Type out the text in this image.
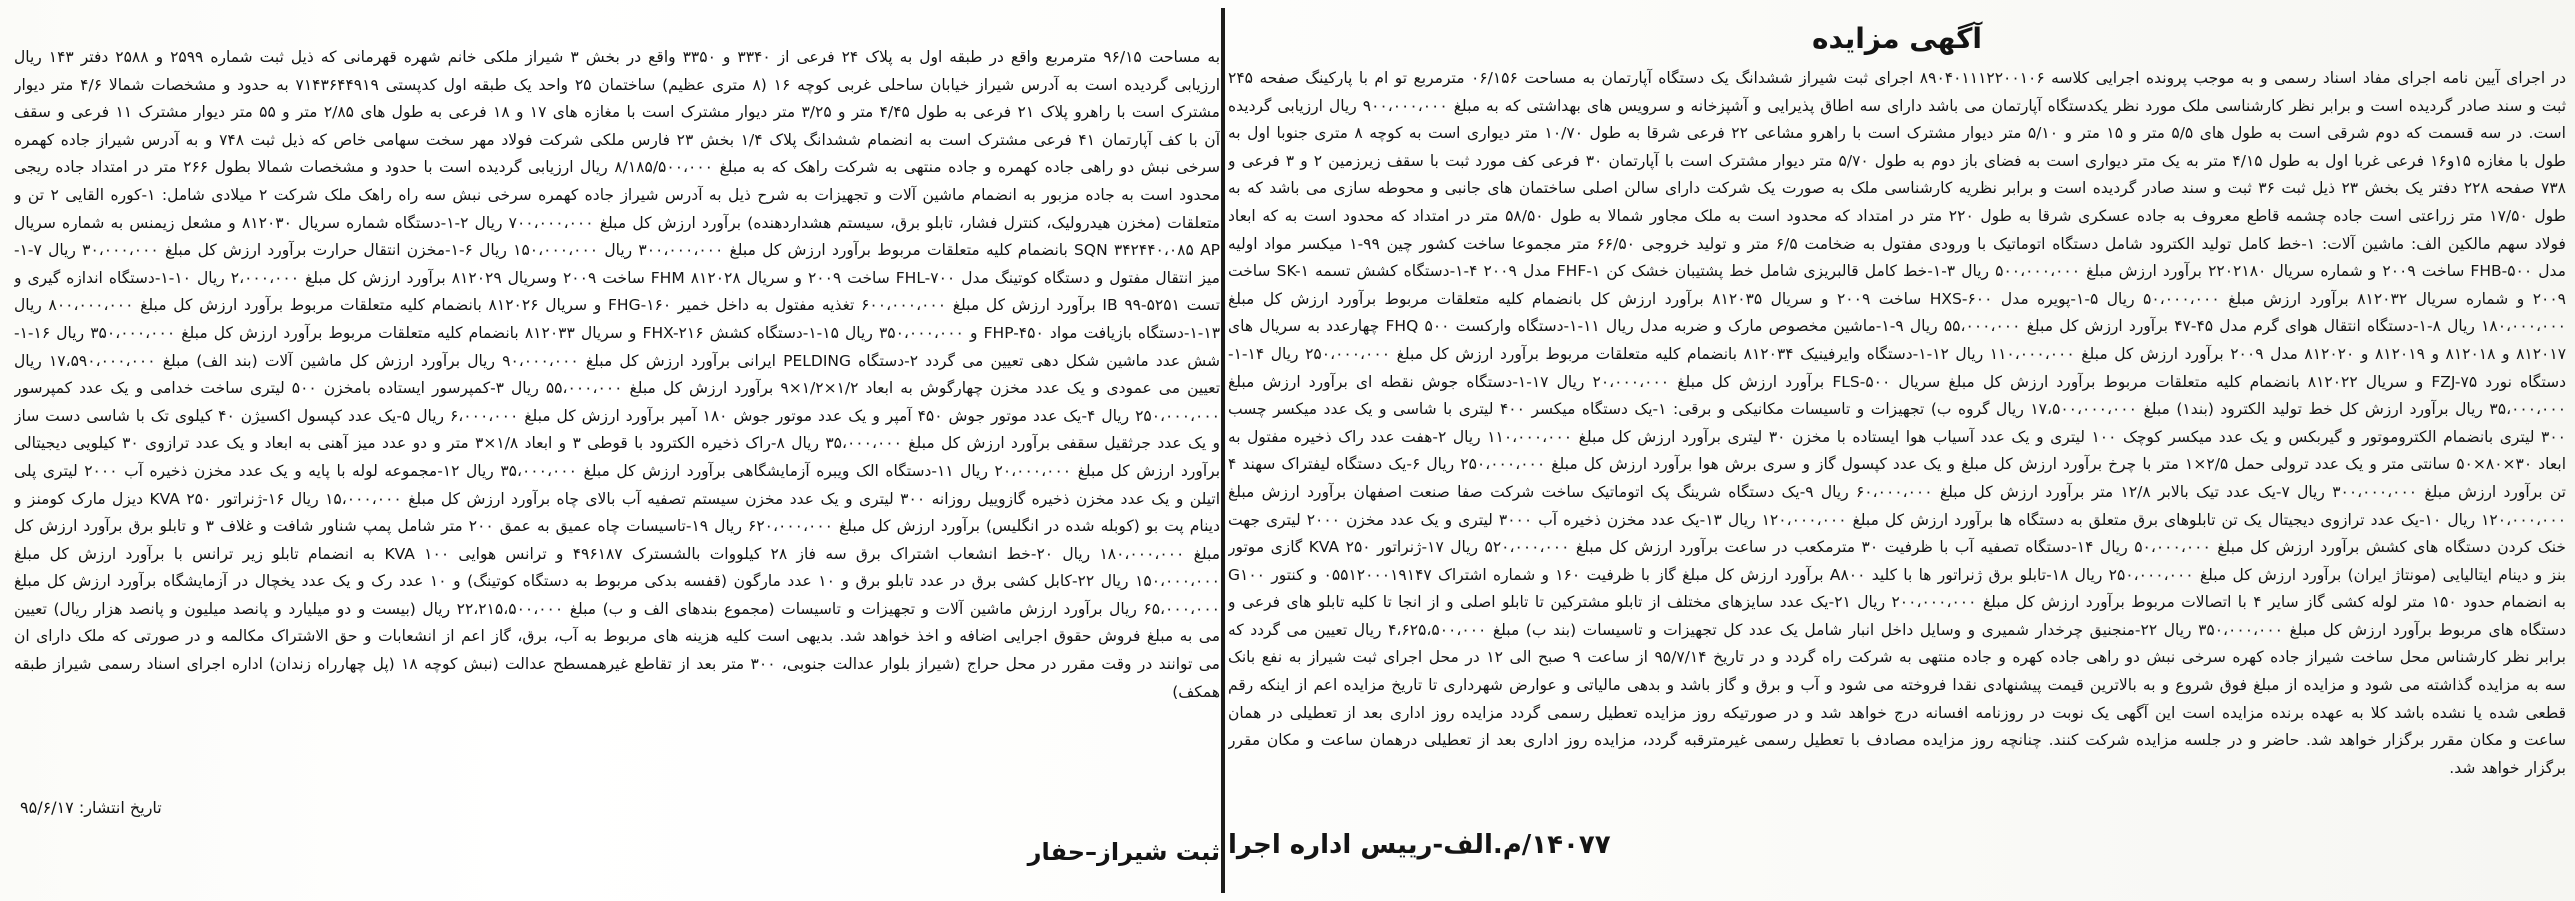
آگهی مزایده

در اجرای آیین نامه اجرای مفاد اسناد رسمی و به موجب پرونده اجرایی کلاسه ۸۹۰۴۰۱۱۱۲۲۰۰۱۰۶ اجرای ثبت شیراز ششدانگ یک دستگاه آپارتمان به مساحت ۰۶/۱۵۶ مترمربع تو ام با پارکینگ صفحه ۲۴۵ ثبت و سند صادر گردیده است و برابر نظر کارشناسی ملک مورد نظر یکدستگاه آپارتمان می باشد دارای سه اطاق پذیرایی و آشپزخانه و سرویس های بهداشتی که به مبلغ ۹۰۰،۰۰۰،۰۰۰ ریال ارزیابی گردیده است. در سه قسمت که دوم شرقی است به طول های ۵/۵ متر و ۱۵ متر و ۵/۱۰ متر دیوار مشترک است با راهرو مشاعی ۲۲ فرعی شرقا به طول ۱۰/۷۰ متر دیواری است به کوچه ۸ متری جنوبا اول به طول با مغازه ۱۵و۱۶ فرعی غربا اول به طول ۴/۱۵ متر به یک متر دیواری است به فضای باز دوم به طول ۵/۷۰ متر دیوار مشترک است با آپارتمان ۳۰ فرعی کف مورد ثبت با سقف زیرزمین ۲ و ۳ فرعی و ۷۳۸ صفحه ۲۲۸ دفتر یک بخش ۲۳ ذیل ثبت ۳۶ ثبت و سند صادر گردیده است و برابر نظریه کارشناسی ملک به صورت یک شرکت دارای سالن اصلی ساختمان های جانبی و محوطه سازی می باشد که به طول ۱۷/۵۰ متر زراعتی است جاده چشمه قاطع معروف به جاده عسکری شرقا به طول ۲۲۰ متر در امتداد که محدود است به ملک مجاور شمالا به طول ۵۸/۵۰ متر در امتداد که محدود است به که ابعاد فولاد سهم مالکین الف: ماشین آلات: ۱-خط کامل تولید الکترود شامل دستگاه اتوماتیک با ورودی مفتول به ضخامت ۶/۵ متر و تولید خروجی ۶۶/۵۰ متر مجموعا ساخت کشور چین ۹۹-۱ میکسر مواد اولیه مدل FHB-۵۰۰ ساخت ۲۰۰۹ و شماره سریال ۲۲۰۲۱۸۰ برآورد ارزش مبلغ ۵۰۰،۰۰۰،۰۰۰ ریال ۳-۱-خط کامل قالبریزی شامل خط پشتیبان خشک کن FHF-۱ مدل ۲۰۰۹ ۴-۱-دستگاه کشش تسمه SK-۱ ساخت ۲۰۰۹ و شماره سریال ۸۱۲۰۳۲ برآورد ارزش مبلغ ۵۰،۰۰۰،۰۰۰ ریال ۵-۱-پویره مدل HXS-۶۰۰ ساخت ۲۰۰۹ و سریال ۸۱۲۰۳۵ برآورد ارزش کل بانضمام کلیه متعلقات مربوط برآورد ارزش کل مبلغ ۱۸۰،۰۰۰،۰۰۰ ریال ۸-۱-دستگاه انتقال هوای گرم مدل ۴۵-۴۷ برآورد ارزش کل مبلغ ۵۵،۰۰۰،۰۰۰ ریال ۹-۱-ماشین مخصوص مارک و ضربه مدل ریال ۱۱-۱-دستگاه وارکست ۵۰۰ FHQ چهارعدد به سریال های ۸۱۲۰۱۷ و ۸۱۲۰۱۸ و ۸۱۲۰۱۹ و ۸۱۲۰۲۰ مدل ۲۰۰۹ برآورد ارزش کل مبلغ ۱۱۰،۰۰۰،۰۰۰ ریال ۱۲-۱-دستگاه وایرفینیک ۸۱۲۰۳۴ بانضمام کلیه متعلقات مربوط برآورد ارزش کل مبلغ ۲۵۰،۰۰۰،۰۰۰ ریال ۱۴-۱-دستگاه نورد FZJ-۷۵ و سریال ۸۱۲۰۲۲ بانضمام کلیه متعلقات مربوط برآورد ارزش کل مبلغ سریال FLS-۵۰۰ برآورد ارزش کل مبلغ ۲۰،۰۰۰،۰۰۰ ریال ۱۷-۱-دستگاه جوش نقطه ای برآورد ارزش مبلغ ۳۵،۰۰۰،۰۰۰ ریال برآورد ارزش کل خط تولید الکترود (بند۱) مبلغ ۱۷،۵۰۰،۰۰۰،۰۰۰ ریال گروه ب) تجهیزات و تاسیسات مکانیکی و برقی: ۱-یک دستگاه میکسر ۴۰۰ لیتری با شاسی و یک عدد میکسر چسب ۳۰۰ لیتری بانضمام الکتروموتور و گیربکس و یک عدد میکسر کوچک ۱۰۰ لیتری و یک عدد آسیاب هوا ایستاده با مخزن ۳۰ لیتری برآورد ارزش کل مبلغ ۱۱۰،۰۰۰،۰۰۰ ریال ۲-هفت عدد راک ذخیره مفتول به ابعاد ۳۰×۸۰×۵۰ سانتی متر و یک عدد ترولی حمل ۲/۵×۱ متر با چرخ برآورد ارزش کل مبلغ و یک عدد کپسول گاز و سری برش هوا برآورد ارزش کل مبلغ ۲۵۰،۰۰۰،۰۰۰ ریال ۶-یک دستگاه لیفتراک سهند ۴ تن برآورد ارزش مبلغ ۳۰۰،۰۰۰،۰۰۰ ریال ۷-یک عدد تیک بالابر ۱۲/۸ متر برآورد ارزش کل مبلغ ۶۰،۰۰۰،۰۰۰ ریال ۹-یک دستگاه شرینگ پک اتوماتیک ساخت شرکت صفا صنعت اصفهان برآورد ارزش مبلغ ۱۲۰،۰۰۰،۰۰۰ ریال ۱۰-یک عدد ترازوی دیجیتال یک تن تابلوهای برق متعلق به دستگاه ها برآورد ارزش کل مبلغ ۱۲۰،۰۰۰،۰۰۰ ریال ۱۳-یک عدد مخزن ذخیره آب ۳۰۰۰ لیتری و یک عدد مخزن ۲۰۰۰ لیتری جهت خنک کردن دستگاه های کشش برآورد ارزش کل مبلغ ۵۰،۰۰۰،۰۰۰ ریال ۱۴-دستگاه تصفیه آب با ظرفیت ۳۰ مترمکعب در ساعت برآورد ارزش کل مبلغ ۵۲۰،۰۰۰،۰۰۰ ریال ۱۷-ژنراتور ۲۵۰ KVA گازی موتور بنز و دینام ایتالیایی (مونتاژ ایران) برآورد ارزش کل مبلغ ۲۵۰،۰۰۰،۰۰۰ ریال ۱۸-تابلو برق ژنراتور ها با کلید A۸۰۰ برآورد ارزش کل مبلغ گاز با ظرفیت ۱۶۰ و شماره اشتراک ۰۵۵۱۲۰۰۰۱۹۱۴۷ و کنتور G۱۰۰ به انضمام حدود ۱۵۰ متر لوله کشی گاز سایر ۴ با اتصالات مربوط برآورد ارزش کل مبلغ ۲۰۰،۰۰۰،۰۰۰ ریال ۲۱-یک عدد سایزهای مختلف از تابلو مشترکین تا تابلو اصلی و از انجا تا کلیه تابلو های فرعی و دستگاه های مربوط برآورد ارزش کل مبلغ ۳۵۰،۰۰۰،۰۰۰ ریال ۲۲-منجنیق چرخدار شمیری و وسایل داخل انبار شامل یک عدد کل تجهیزات و تاسیسات (بند ب) مبلغ ۴،۶۲۵،۵۰۰،۰۰۰ ریال تعیین می گردد که برابر نظر کارشناس محل ساخت شیراز جاده کهره سرخی نبش دو راهی جاده کهره و جاده منتهی به شرکت راه گردد و در تاریخ ۹۵/۷/۱۴ از ساعت ۹ صبح الی ۱۲ در محل اجرای ثبت شیراز به نفع بانک سه به مزایده گذاشته می شود و مزایده از مبلغ فوق شروع و به بالاترین قیمت پیشنهادی نقدا فروخته می شود و آب و برق و گاز باشد و بدهی مالیاتی و عوارض شهرداری تا تاریخ مزایده اعم از اینکه رقم قطعی شده یا نشده باشد کلا به عهده برنده مزایده است این آگهی یک نوبت در روزنامه افسانه درج خواهد شد و در صورتیکه روز مزایده تعطیل رسمی گردد مزایده روز اداری بعد از تعطیلی در همان ساعت و مکان مقرر برگزار خواهد شد. حاضر و در جلسه مزایده شرکت کنند. چنانچه روز مزایده مصادف با تعطیل رسمی غیرمترقبه گردد، مزایده روز اداری بعد از تعطیلی درهمان ساعت و مکان مقرر برگزار خواهد شد.

۱۴۰۷۷/م.الف-رییس اداره اجرا

به مساحت ۹۶/۱۵ مترمربع واقع در طبقه اول به پلاک ۲۴ فرعی از ۳۳۴۰ و ۳۳۵۰ واقع در بخش ۳ شیراز ملکی خانم شهره قهرمانی که ذیل ثبت شماره ۲۵۹۹ و ۲۵۸۸ دفتر ۱۴۳ ریال ارزیابی گردیده است به آدرس شیراز خیابان ساحلی غربی کوچه ۱۶ (۸ متری عظیم) ساختمان ۲۵ واحد یک طبقه اول کدپستی ۷۱۴۳۶۴۴۹۱۹ به حدود و مشخصات شمالا ۴/۶ متر دیوار مشترک است با راهرو پلاک ۲۱ فرعی به طول ۴/۴۵ متر و ۳/۲۵ متر دیوار مشترک است با مغازه های ۱۷ و ۱۸ فرعی به طول های ۲/۸۵ متر و ۵۵ متر دیوار مشترک ۱۱ فرعی و سقف آن با کف آپارتمان ۴۱ فرعی مشترک است به انضمام ششدانگ پلاک ۱/۴ بخش ۲۳ فارس ملکی شرکت فولاد مهر سخت سهامی خاص که ذیل ثبت ۷۴۸ و به آدرس شیراز جاده کهمره سرخی نبش دو راهی جاده کهمره و جاده منتهی به شرکت راهک که به مبلغ ۸/۱۸۵/۵۰۰،۰۰۰ ریال ارزیابی گردیده است با حدود و مشخصات شمالا بطول ۲۶۶ متر در امتداد جاده ریجی محدود است به جاده مزبور به انضمام ماشین آلات و تجهیزات به شرح ذیل به آدرس شیراز جاده کهمره سرخی نبش سه راه راهک ملک شرکت ۲ میلادی شامل: ۱-کوره القایی ۲ تن و متعلقات (مخزن هیدرولیک، کنترل فشار، تابلو برق، سیستم هشداردهنده) برآورد ارزش کل مبلغ ۷۰۰،۰۰۰،۰۰۰ ریال ۲-۱-دستگاه شماره سریال ۸۱۲۰۳۰ و مشعل زیمنس به شماره سریال SQN ۳۴۲۴۴۰،۰۸۵ AP بانضمام کلیه متعلقات مربوط برآورد ارزش کل مبلغ ۳۰۰،۰۰۰،۰۰۰ ریال ۱۵۰،۰۰۰،۰۰۰ ریال ۶-۱-مخزن انتقال حرارت برآورد ارزش کل مبلغ ۳۰،۰۰۰،۰۰۰ ریال ۷-۱-میز انتقال مفتول و دستگاه کوتینگ مدل FHL-۷۰۰ ساخت ۲۰۰۹ و سریال ۸۱۲۰۲۸ FHM ساخت ۲۰۰۹ وسریال ۸۱۲۰۲۹ برآورد ارزش کل مبلغ ۲،۰۰۰،۰۰۰ ریال ۱۰-۱-دستگاه اندازه گیری و تست ۵۲۵۱-۹۹ IB برآورد ارزش کل مبلغ ۶۰۰،۰۰۰،۰۰۰ تغذیه مفتول به داخل خمیر FHG-۱۶۰ و سریال ۸۱۲۰۲۶ بانضمام کلیه متعلقات مربوط برآورد ارزش کل مبلغ ۸۰۰،۰۰۰،۰۰۰ ریال ۱۳-۱-دستگاه بازیافت مواد FHP-۴۵۰ و ۳۵۰،۰۰۰،۰۰۰ ریال ۱۵-۱-دستگاه کشش FHX-۲۱۶ و سریال ۸۱۲۰۳۳ بانضمام کلیه متعلقات مربوط برآورد ارزش کل مبلغ ۳۵۰،۰۰۰،۰۰۰ ریال ۱۶-۱-شش عدد ماشین شکل دهی تعیین می گردد ۲-دستگاه PELDING ایرانی برآورد ارزش کل مبلغ ۹۰،۰۰۰،۰۰۰ ریال برآورد ارزش کل ماشین آلات (بند الف) مبلغ ۱۷،۵۹۰،۰۰۰،۰۰۰ ریال تعیین می عمودی و یک عدد مخزن چهارگوش به ابعاد ۱/۲×۱/۲×۹ برآورد ارزش کل مبلغ ۵۵،۰۰۰،۰۰۰ ریال ۳-کمپرسور ایستاده بامخزن ۵۰۰ لیتری ساخت خدامی و یک عدد کمپرسور ۲۵۰،۰۰۰،۰۰۰ ریال ۴-یک عدد موتور جوش ۴۵۰ آمپر و یک عدد موتور جوش ۱۸۰ آمپر برآورد ارزش کل مبلغ ۶،۰۰۰،۰۰۰ ریال ۵-یک عدد کپسول اکسیژن ۴۰ کیلوی تک با شاسی دست ساز و یک عدد جرثقیل سقفی برآورد ارزش کل مبلغ ۳۵،۰۰۰،۰۰۰ ریال ۸-راک ذخیره الکترود با قوطی ۳ و ابعاد ۱/۸×۳ متر و دو عدد میز آهنی به ابعاد و یک عدد ترازوی ۳۰ کیلویی دیجیتالی برآورد ارزش کل مبلغ ۲۰،۰۰۰،۰۰۰ ریال ۱۱-دستگاه الک ویبره آزمایشگاهی برآورد ارزش کل مبلغ ۳۵،۰۰۰،۰۰۰ ریال ۱۲-مجموعه لوله با پایه و یک عدد مخزن ذخیره آب ۲۰۰۰ لیتری پلی اتیلن و یک عدد مخزن ذخیره گازوییل روزانه ۳۰۰ لیتری و یک عدد مخزن سیستم تصفیه آب بالای چاه برآورد ارزش کل مبلغ ۱۵،۰۰۰،۰۰۰ ریال ۱۶-ژنراتور ۲۵۰ KVA دیزل مارک کومنز و دینام پت بو (کوبله شده در انگلیس) برآورد ارزش کل مبلغ ۶۲۰،۰۰۰،۰۰۰ ریال ۱۹-تاسیسات چاه عمیق به عمق ۲۰۰ متر شامل پمپ شناور شافت و غلاف ۳ و تابلو برق برآورد ارزش کل مبلغ ۱۸۰،۰۰۰،۰۰۰ ریال ۲۰-خط انشعاب اشتراک برق سه فاز ۲۸ کیلووات بالشسترک ۴۹۶۱۸۷ و ترانس هوایی ۱۰۰ KVA به انضمام تابلو زیر ترانس با برآورد ارزش کل مبلغ ۱۵۰،۰۰۰،۰۰۰ ریال ۲۲-کابل کشی برق در عدد تابلو برق و ۱۰ عدد مارگون (قفسه بدکی مربوط به دستگاه کوتینگ) و ۱۰ عدد رک و یک عدد یخچال در آزمایشگاه برآورد ارزش کل مبلغ ۶۵،۰۰۰،۰۰۰ ریال برآورد ارزش ماشین آلات و تجهیزات و تاسیسات (مجموع بندهای الف و ب) مبلغ ۲۲،۲۱۵،۵۰۰،۰۰۰ ریال (بیست و دو میلیارد و پانصد میلیون و پانصد هزار ریال) تعیین می به مبلغ فروش حقوق اجرایی اضافه و اخذ خواهد شد. بدیهی است کلیه هزینه های مربوط به آب، برق، گاز اعم از انشعابات و حق الاشتراک مکالمه و در صورتی که ملک دارای ان می توانند در وقت مقرر در محل حراج (شیراز بلوار عدالت جنوبی، ۳۰۰ متر بعد از تقاطع غیرهمسطح عدالت (نبش کوچه ۱۸ (پل چهارراه زندان) اداره اجرای اسناد رسمی شیراز طبقه همکف)

تاریخ انتشار: ۹۵/۶/۱۷
ثبت شیراز–حفار
